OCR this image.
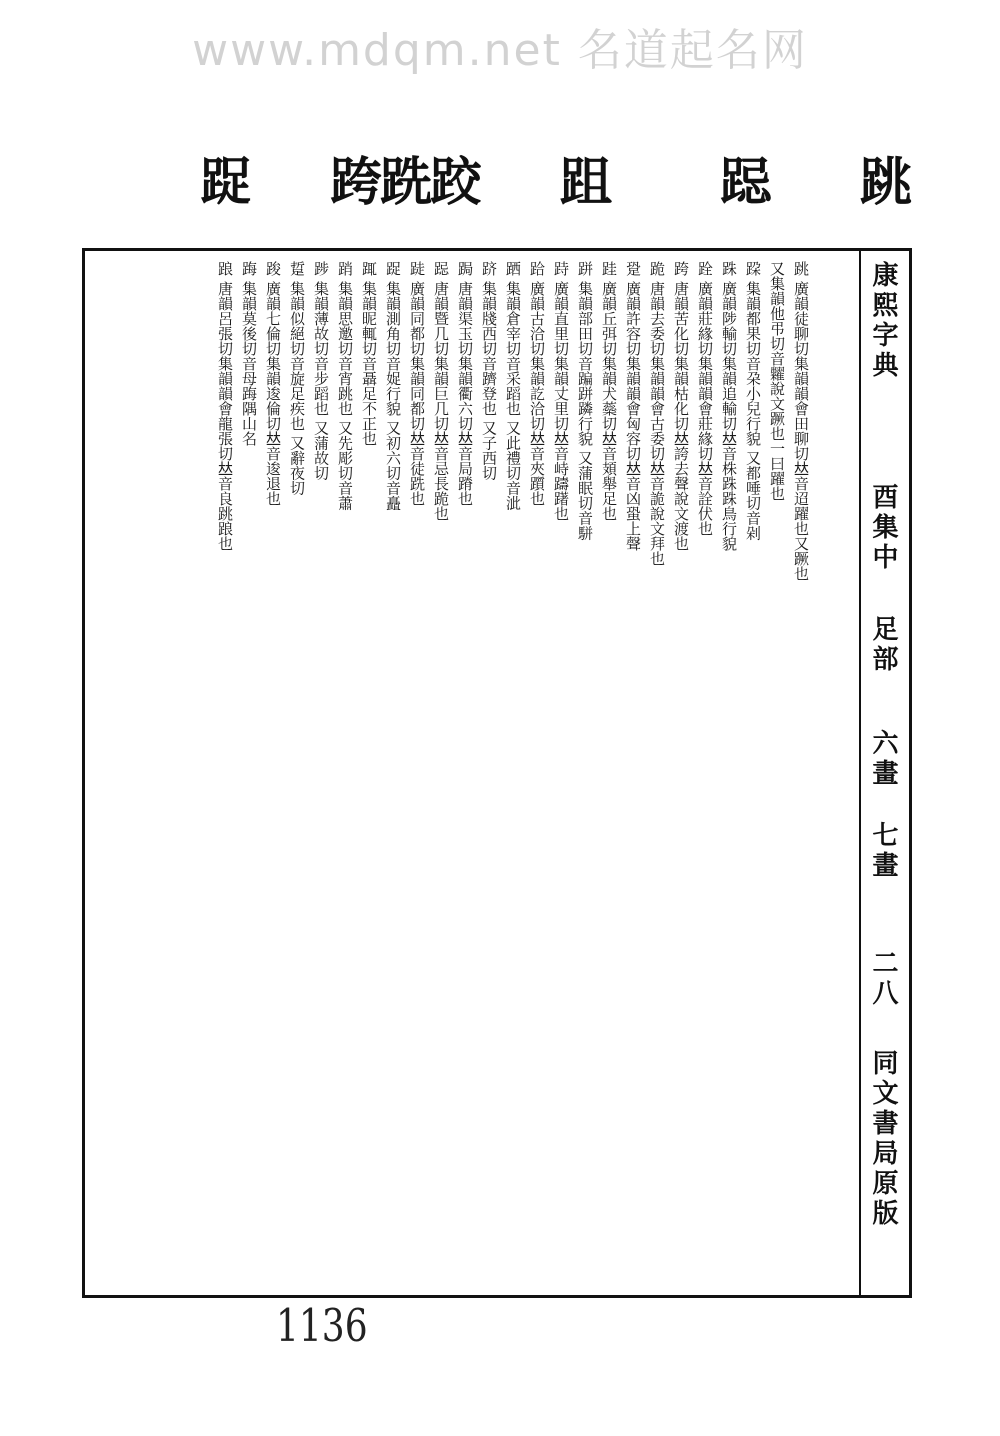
www.mdqm.net 名道起名网
跳
跽
跙
跨跣跤
踀
跳 廣韻徒聊切集韻韻會田聊切𠀤音迢躍也又蹶也
又集韻他弔切音糶說文蹶也一曰躍也
跥 集韻都果切音朶小兒行貌 又都唾切音剁
跦 廣韻陟輸切集韻追輸切𠀤音株跦跦鳥行貌
跧 廣韻莊緣切集韻韻會莊緣切𠀤音詮伏也
跨 唐韻苦化切集韻枯化切𠀤誇去聲說文渡也
跪 唐韻去委切集韻韻會古委切𠀤音詭說文拜也
跫 廣韻許容切集韻韻會匈容切𠀤音凶蛩上聲
跬 廣韻丘弭切集韻犬蘂切𠀤音頍舉足也
跰 集韻部田切音蹁跰蹸行貌 又蒲眠切音駢
跱 廣韻直里切集韻丈里切𠀤音峙躊躇也
跲 廣韻古洽切集韻訖洽切𠀤音夾躓也
跴 集韻倉宰切音采蹈也 又此禮切音泚
跻 集韻牋西切音躋登也 又子西切
跼 唐韻渠玉切集韻衢六切𠀤音局蹐也
跽 唐韻暨几切集韻巨几切𠀤音忌長跪也
跿 廣韻同都切集韻同都切𠀤音徒跣也
踀 集韻測角切音娖行貌 又初六切音矗
踂 集韻昵輒切音聶足不正也
踃 集韻思邀切音宵跳也 又先彫切音蕭
踄 集韻薄故切音步蹈也 又蒲故切
踅 集韻似絕切音旋足疾也 又辭夜切
踆 廣韻七倫切集韻逡倫切𠀤音逡退也
踇 集韻莫後切音母踇隅山名
踉 唐韻呂張切集韻韻會龍張切𠀤音良跳踉也	康熙字典
酉集中
足部
六畫
七畫
二八
同文書局原版
1136
